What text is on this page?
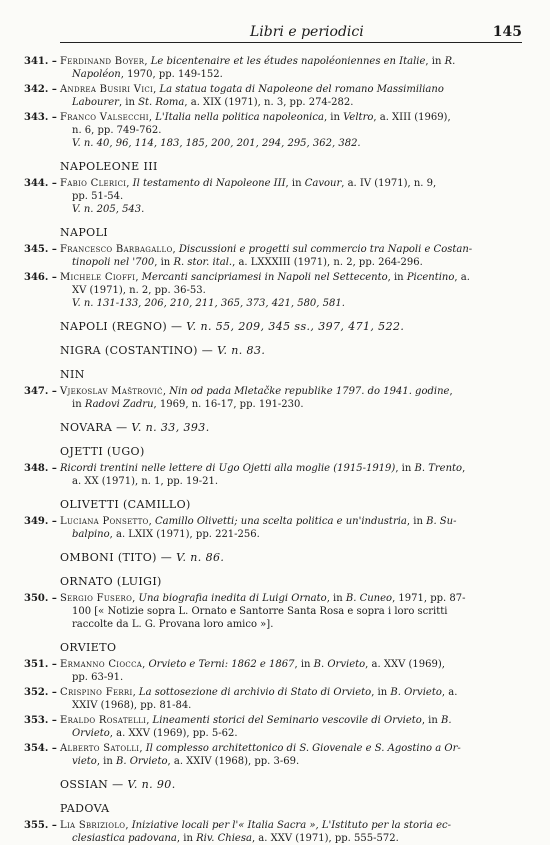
Libri e periodici	145
341. – Ferdinand Boyer, Le bicentenaire et les études napoléoniennes en Italie, in R.
Napoléon, 1970, pp. 149-152.
342. – Andrea Busiri Vici, La statua togata di Napoleone del romano Massimiliano
Labourer, in St. Roma, a. XIX (1971), n. 3, pp. 274-282.
343. – Franco Valsecchi, L'Italia nella politica napoleonica, in Veltro, a. XIII (1969),
n. 6, pp. 749-762.
V. n. 40, 96, 114, 183, 185, 200, 201, 294, 295, 362, 382.
NAPOLEONE III
344. – Fabio Clerici, Il testamento di Napoleone III, in Cavour, a. IV (1971), n. 9,
pp. 51-54.
V. n. 205, 543.
NAPOLI
345. – Francesco Barbagallo, Discussioni e progetti sul commercio tra Napoli e Costan-
tinopoli nel '700, in R. stor. ital., a. LXXXIII (1971), n. 2, pp. 264-296.
346. – Michele Cioffi, Mercanti sancipriamesi in Napoli nel Settecento, in Picentino, a.
XV (1971), n. 2, pp. 36-53.
V. n. 131-133, 206, 210, 211, 365, 373, 421, 580, 581.
NAPOLI (REGNO) — V. n. 55, 209, 345 ss., 397, 471, 522.
NIGRA (COSTANTINO) — V. n. 83.
NIN
347. – Vjekoslav Maštrović, Nin od pada Mletačke republike 1797. do 1941. godine,
in Radovi Zadru, 1969, n. 16-17, pp. 191-230.
NOVARA — V. n. 33, 393.
OJETTI (UGO)
348. – Ricordi trentini nelle lettere di Ugo Ojetti alla moglie (1915-1919), in B. Trento,
a. XX (1971), n. 1, pp. 19-21.
OLIVETTI (CAMILLO)
349. – Luciana Ponsetto, Camillo Olivetti; una scelta politica e un'industria, in B. Su-
balpino, a. LXIX (1971), pp. 221-256.
OMBONI (TITO) — V. n. 86.
ORNATO (LUIGI)
350. – Sergio Fusero, Una biografia inedita di Luigi Ornato, in B. Cuneo, 1971, pp. 87-
100 [« Notizie sopra L. Ornato e Santorre Santa Rosa e sopra i loro scritti
raccolte da L. G. Provana loro amico »].
ORVIETO
351. – Ermanno Ciocca, Orvieto e Terni: 1862 e 1867, in B. Orvieto, a. XXV (1969),
pp. 63-91.
352. – Crispino Ferri, La sottosezione di archivio di Stato di Orvieto, in B. Orvieto, a.
XXIV (1968), pp. 81-84.
353. – Eraldo Rosatelli, Lineamenti storici del Seminario vescovile di Orvieto, in B.
Orvieto, a. XXV (1969), pp. 5-62.
354. – Alberto Satolli, Il complesso architettonico di S. Giovenale e S. Agostino a Or-
vieto, in B. Orvieto, a. XXIV (1968), pp. 3-69.
OSSIAN — V. n. 90.
PADOVA
355. – Lia Sbriziolo, Iniziative locali per l'« Italia Sacra », L'Istituto per la storia ec-
clesiastica padovana, in Riv. Chiesa, a. XXV (1971), pp. 555-572.
